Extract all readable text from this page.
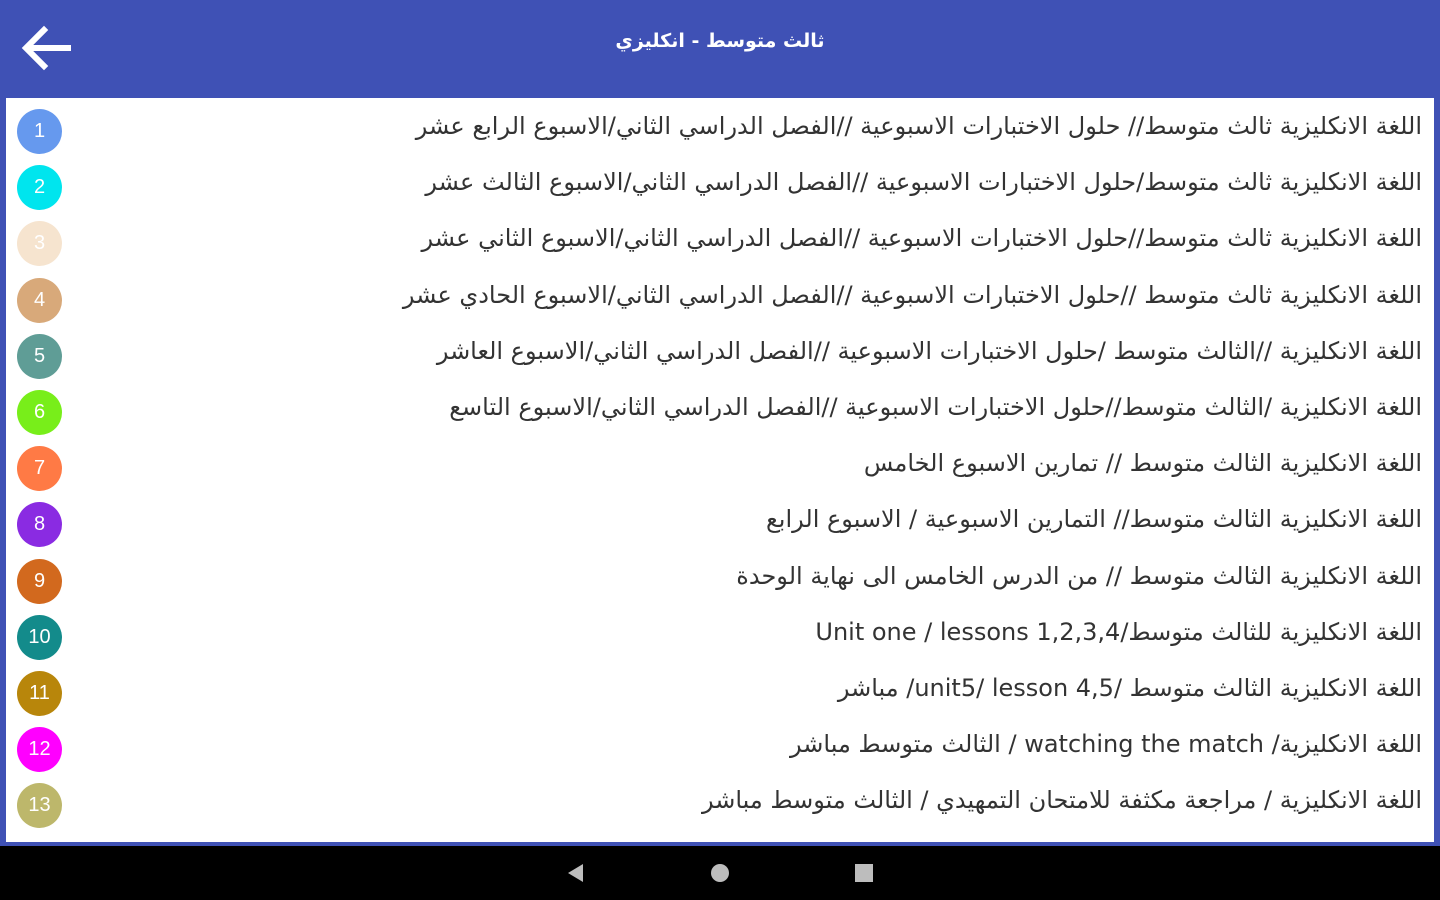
ثالث متوسط - انكليزي
1	اللغة الانكليزية ثالث متوسط// حلول الاختبارات الاسبوعية //الفصل الدراسي الثاني/الاسبوع الرابع عشر
2	اللغة الانكليزية ثالث متوسط/حلول الاختبارات الاسبوعية //الفصل الدراسي الثاني/الاسبوع الثالث عشر
3	اللغة الانكليزية ثالث متوسط//حلول الاختبارات الاسبوعية //الفصل الدراسي الثاني/الاسبوع الثاني عشر
4	اللغة الانكليزية ثالث متوسط //حلول الاختبارات الاسبوعية //الفصل الدراسي الثاني/الاسبوع الحادي عشر
5	اللغة الانكليزية //الثالث متوسط /حلول الاختبارات الاسبوعية //الفصل الدراسي الثاني/الاسبوع العاشر
6	اللغة الانكليزية /الثالث متوسط//حلول الاختبارات الاسبوعية //الفصل الدراسي الثاني/الاسبوع التاسع
7	اللغة الانكليزية الثالث متوسط // تمارين الاسبوع الخامس
8	اللغة الانكليزية الثالث متوسط// التمارين الاسبوعية / الاسبوع الرابع
9	اللغة الانكليزية الثالث متوسط // من الدرس الخامس الى نهاية الوحدة
10	اللغة الانكليزية للثالث متوسط/Unit one / lessons 1,2,3,4
11	اللغة الانكليزية الثالث متوسط /unit5/ lesson 4,5/ مباشر
12	اللغة الانكليزية/ watching the match / الثالث متوسط مباشر
13	اللغة الانكليزية / مراجعة مكثفة للامتحان التمهيدي / الثالث متوسط مباشر
